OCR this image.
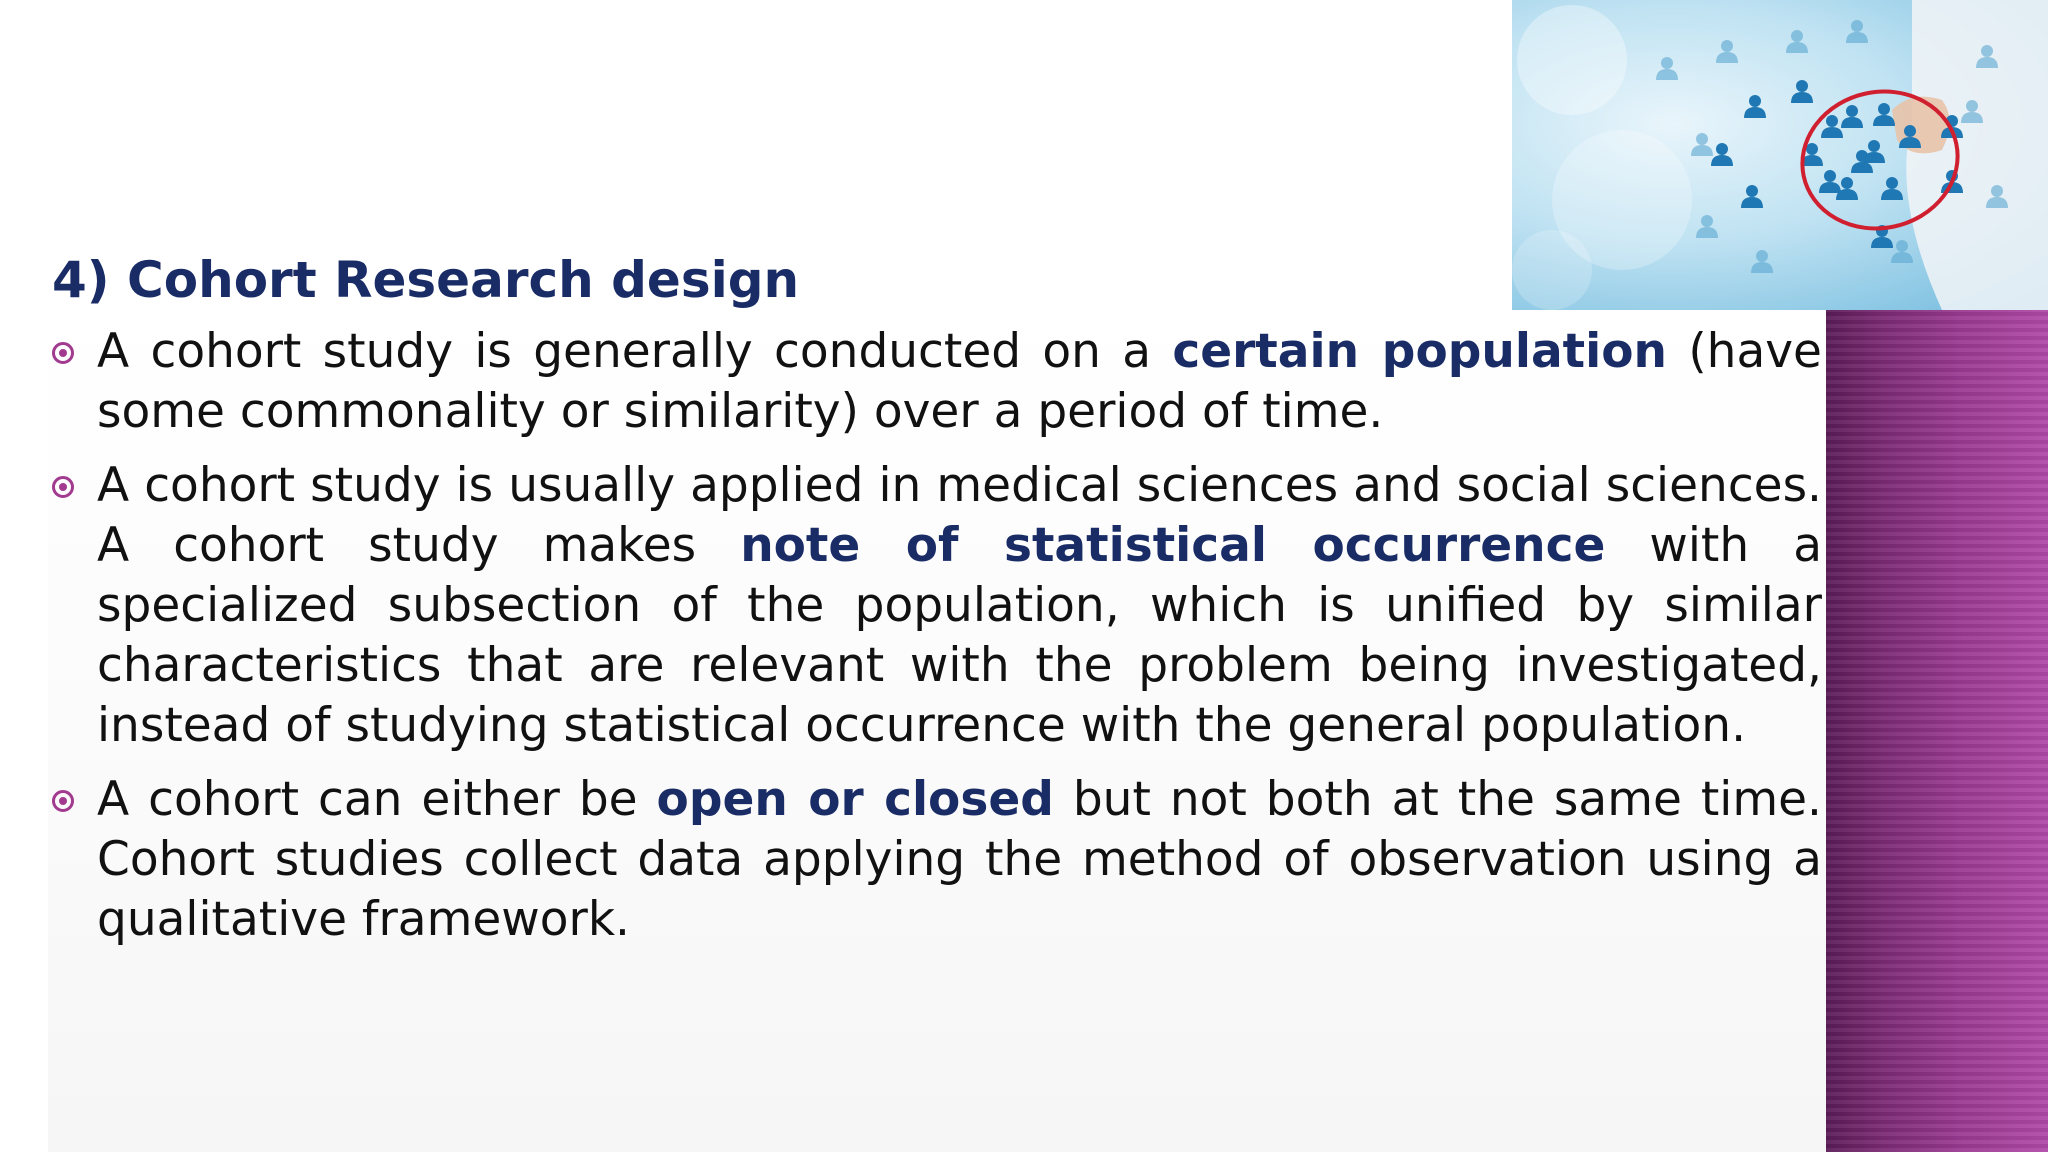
4) Cohort Research design
A cohort study is generally conducted on a certain population (have some commonality or similarity) over a period of time.
A cohort study is usually applied in medical sciences and social sciences. A cohort study makes note of statistical occurrence with a specialized subsection of the population, which is unified by similar characteristics that are relevant with the problem being investigated, instead of studying statistical occurrence with the general population.
A cohort can either be open or closed but not both at the same time. Cohort studies collect data applying the method of observation using a qualitative framework.
